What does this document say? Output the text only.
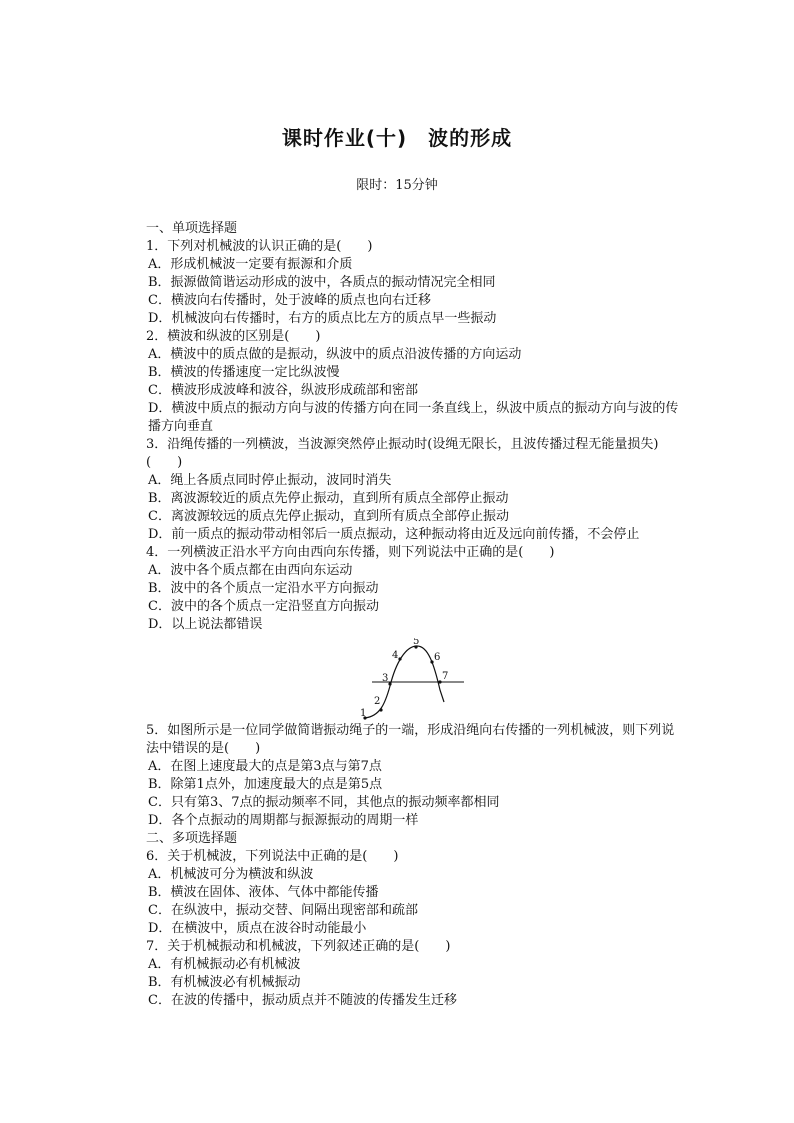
课时作业(十)　波的形成
限时：15分钟
一、单项选择题
1．下列对机械波的认识正确的是(　　)
A．形成机械波一定要有振源和介质
B．振源做简谐运动形成的波中，各质点的振动情况完全相同
C．横波向右传播时，处于波峰的质点也向右迁移
D．机械波向右传播时，右方的质点比左方的质点早一些振动
2．横波和纵波的区别是(　　)
A．横波中的质点做的是振动，纵波中的质点沿波传播的方向运动
B．横波的传播速度一定比纵波慢
C．横波形成波峰和波谷，纵波形成疏部和密部
D．横波中质点的振动方向与波的传播方向在同一条直线上，纵波中质点的振动方向与波的传播方向垂直
3．沿绳传播的一列横波，当波源突然停止振动时(设绳无限长，且波传播过程无能量损失)(　　)
A．绳上各质点同时停止振动，波同时消失
B．离波源较近的质点先停止振动，直到所有质点全部停止振动
C．离波源较远的质点先停止振动，直到所有质点全部停止振动
D．前一质点的振动带动相邻后一质点振动，这种振动将由近及远向前传播，不会停止
4．一列横波正沿水平方向由西向东传播，则下列说法中正确的是(　　)
A．波中各个质点都在由西向东运动
B．波中的各个质点一定沿水平方向振动
C．波中的各个质点一定沿竖直方向振动
D．以上说法都错误
1
2
3
4
5
6
7
5．如图所示是一位同学做简谐振动绳子的一端，形成沿绳向右传播的一列机械波，则下列说法中错误的是(　　)
A．在图上速度最大的点是第3点与第7点
B．除第1点外，加速度最大的点是第5点
C．只有第3、7点的振动频率不同，其他点的振动频率都相同
D．各个点振动的周期都与振源振动的周期一样
二、多项选择题
6．关于机械波，下列说法中正确的是(　　)
A．机械波可分为横波和纵波
B．横波在固体、液体、气体中都能传播
C．在纵波中，振动交替、间隔出现密部和疏部
D．在横波中，质点在波谷时动能最小
7．关于机械振动和机械波，下列叙述正确的是(　　)
A．有机械振动必有机械波
B．有机械波必有机械振动
C．在波的传播中，振动质点并不随波的传播发生迁移
